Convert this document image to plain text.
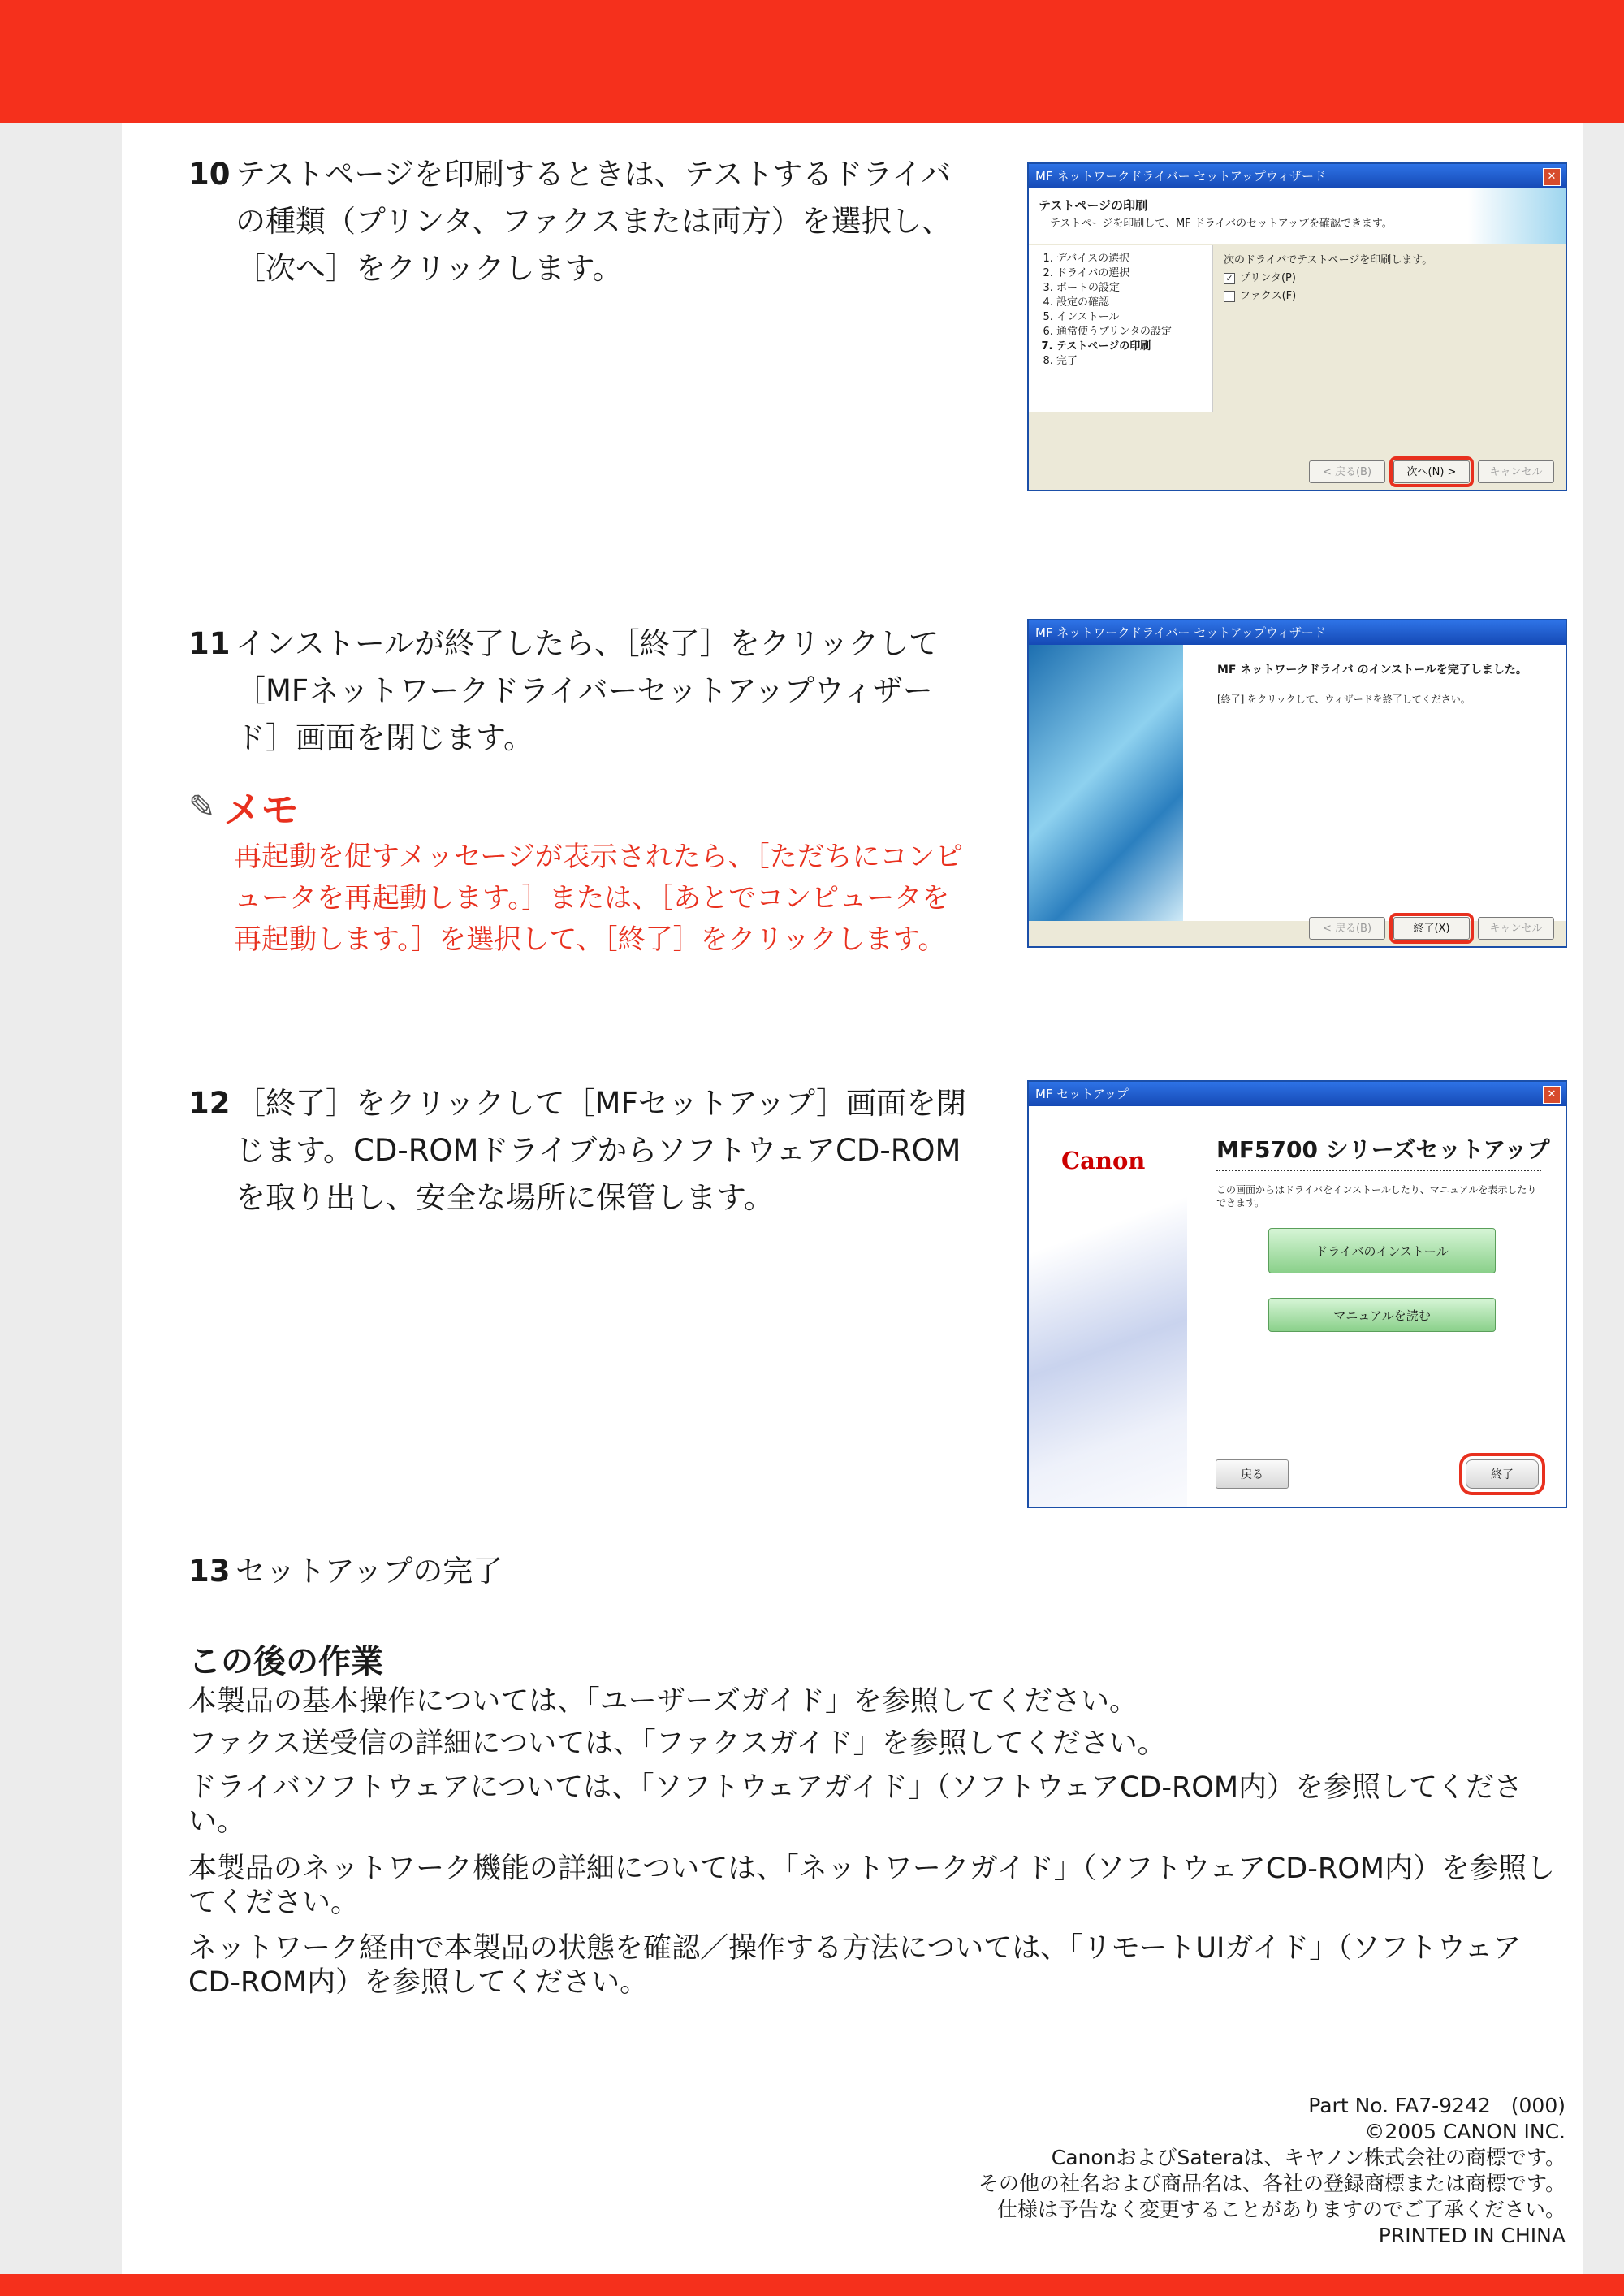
10 テストページを印刷するときは、テストするドライバの種類（プリンタ、ファクスまたは両方）を選択し、［次へ］をクリックします。
MF ネットワークドライバー セットアップウィザード	✕
テストページの印刷
テストページを印刷して、MF ドライバのセットアップを確認できます。
1. デバイスの選択
2. ドライバの選択
3. ポートの設定
4. 設定の確認
5. インストール
6. 通常使うプリンタの設定
7. テストページの印刷
8. 完了
次のドライバでテストページを印刷します。
✓ プリンタ(P)
ファクス(F)
< 戻る(B)	次へ(N) >	キャンセル
11 インストールが終了したら、［終了］をクリックして［MFネットワークドライバーセットアップウィザード］画面を閉じます。
✎ メモ
再起動を促すメッセージが表示されたら、［ただちにコンピュータを再起動します。］または、［あとでコンピュータを再起動します。］を選択して、［終了］をクリックします。
MF ネットワークドライバー セットアップウィザード
MF ネットワークドライバ のインストールを完了しました。
[終了] をクリックして、ウィザードを終了してください。
< 戻る(B)	終了(X)	キャンセル
12 ［終了］をクリックして［MFセットアップ］画面を閉じます。CD-ROMドライブからソフトウェアCD-ROMを取り出し、安全な場所に保管します。
MF セットアップ	✕
Canon	MF5700 シリーズセットアップ
この画面からはドライバをインストールしたり、マニュアルを表示したりできます。
ドライバのインストール
マニュアルを読む
戻る	終了
13 セットアップの完了
この後の作業
本製品の基本操作については、「ユーザーズガイド」を参照してください。
ファクス送受信の詳細については、「ファクスガイド」を参照してください。
ドライバソフトウェアについては、「ソフトウェアガイド」（ソフトウェアCD-ROM内）を参照してください。
本製品のネットワーク機能の詳細については、「ネットワークガイド」（ソフトウェアCD-ROM内）を参照してください。
ネットワーク経由で本製品の状態を確認／操作する方法については、「リモートUIガイド」（ソフトウェアCD-ROM内）を参照してください。
Part No. FA7-9242　(000)
©2005 CANON INC.
CanonおよびSateraは、キヤノン株式会社の商標です。
その他の社名および商品名は、各社の登録商標または商標です。
仕様は予告なく変更することがありますのでご了承ください。
PRINTED IN CHINA
